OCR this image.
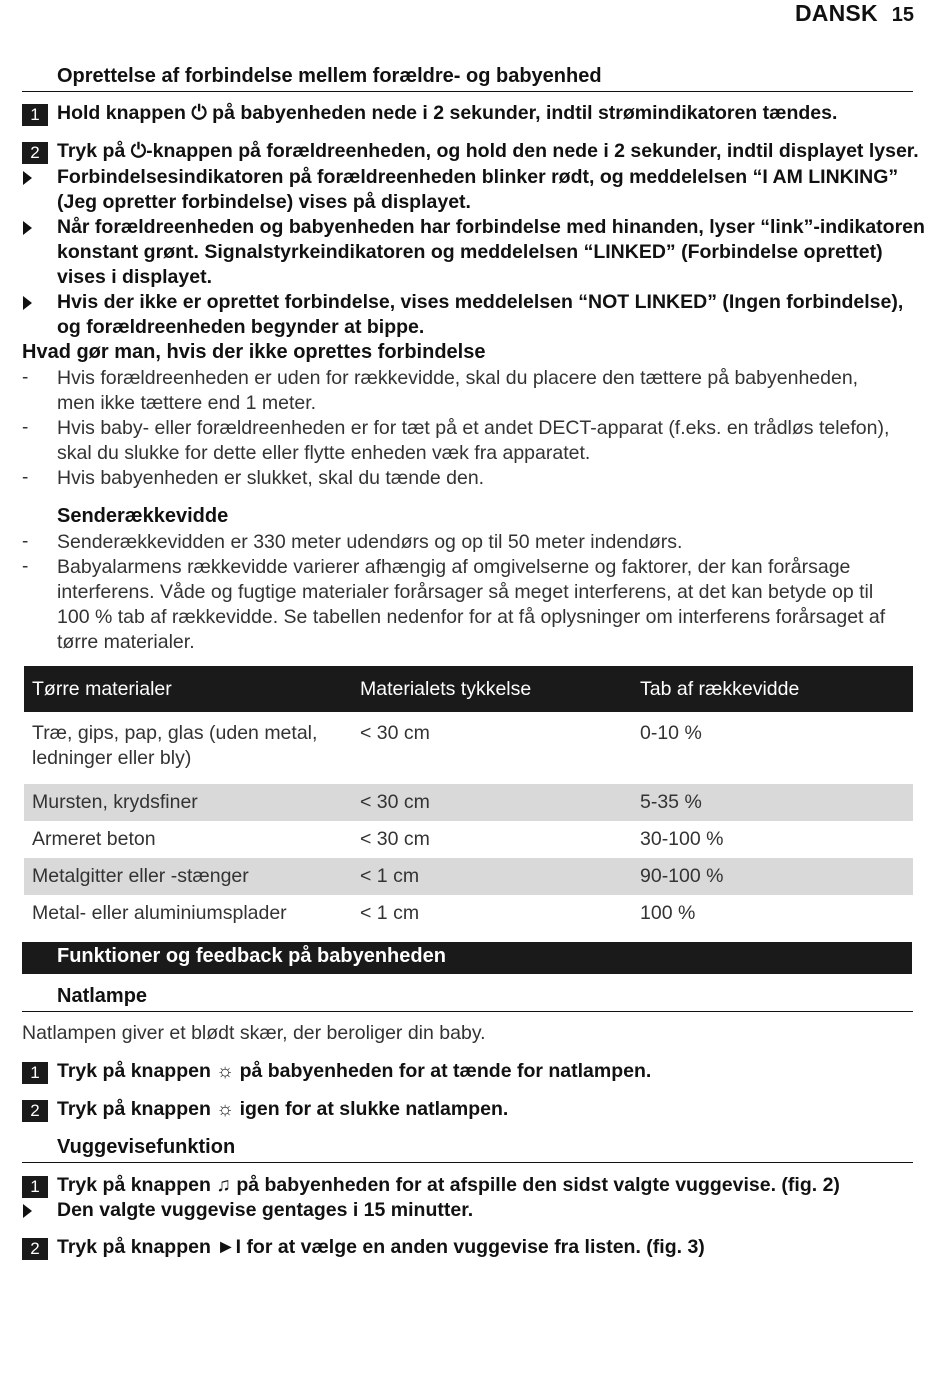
DANSK 15
Oprettelse af forbindelse mellem forældre- og babyenhed
1 Hold knappen ⏻ på babyenheden nede i 2 sekunder, indtil strømindikatoren tændes.
2 Tryk på ⏻-knappen på forældreenheden, og hold den nede i 2 sekunder, indtil displayet lyser.
Forbindelsesindikatoren på forældreenheden blinker rødt, og meddelelsen “I AM LINKING”
(Jeg opretter forbindelse) vises på displayet.
Når forældreenheden og babyenheden har forbindelse med hinanden, lyser “link”-indikatoren
konstant grønt. Signalstyrkeindikatoren og meddelelsen “LINKED” (Forbindelse oprettet)
vises i displayet.
Hvis der ikke er oprettet forbindelse, vises meddelelsen “NOT LINKED” (Ingen forbindelse),
og forældreenheden begynder at bippe.
Hvad gør man, hvis der ikke oprettes forbindelse
- Hvis forældreenheden er uden for rækkevidde, skal du placere den tættere på babyenheden,
men ikke tættere end 1 meter.
- Hvis baby- eller forældreenheden er for tæt på et andet DECT-apparat (f.eks. en trådløs telefon),
skal du slukke for dette eller flytte enheden væk fra apparatet.
- Hvis babyenheden er slukket, skal du tænde den.
Senderækkevidde
- Senderækkevidden er 330 meter udendørs og op til 50 meter indendørs.
- Babyalarmens rækkevidde varierer afhængig af omgivelserne og faktorer, der kan forårsage
interferens. Våde og fugtige materialer forårsager så meget interferens, at det kan betyde op til
100 % tab af rækkevidde. Se tabellen nedenfor for at få oplysninger om interferens forårsaget af
tørre materialer.
Tørre materialer	Materialets tykkelse	Tab af rækkevidde

Træ, gips, pap, glas (uden metal,
ledninger eller bly)	< 30 cm	0-10 %
Mursten, krydsfiner	< 30 cm	5-35 %
Armeret beton	< 30 cm	30-100 %
Metalgitter eller -stænger	< 1 cm	90-100 %
Metal- eller aluminiumsplader	< 1 cm	100 %
Funktioner og feedback på babyenheden
Natlampe
Natlampen giver et blødt skær, der beroliger din baby.
1 Tryk på knappen ☼ på babyenheden for at tænde for natlampen.
2 Tryk på knappen ☼ igen for at slukke natlampen.
Vuggevisefunktion
1 Tryk på knappen ♫ på babyenheden for at afspille den sidst valgte vuggevise. (fig. 2)
Den valgte vuggevise gentages i 15 minutter.
2 Tryk på knappen ►I for at vælge en anden vuggevise fra listen. (fig. 3)
